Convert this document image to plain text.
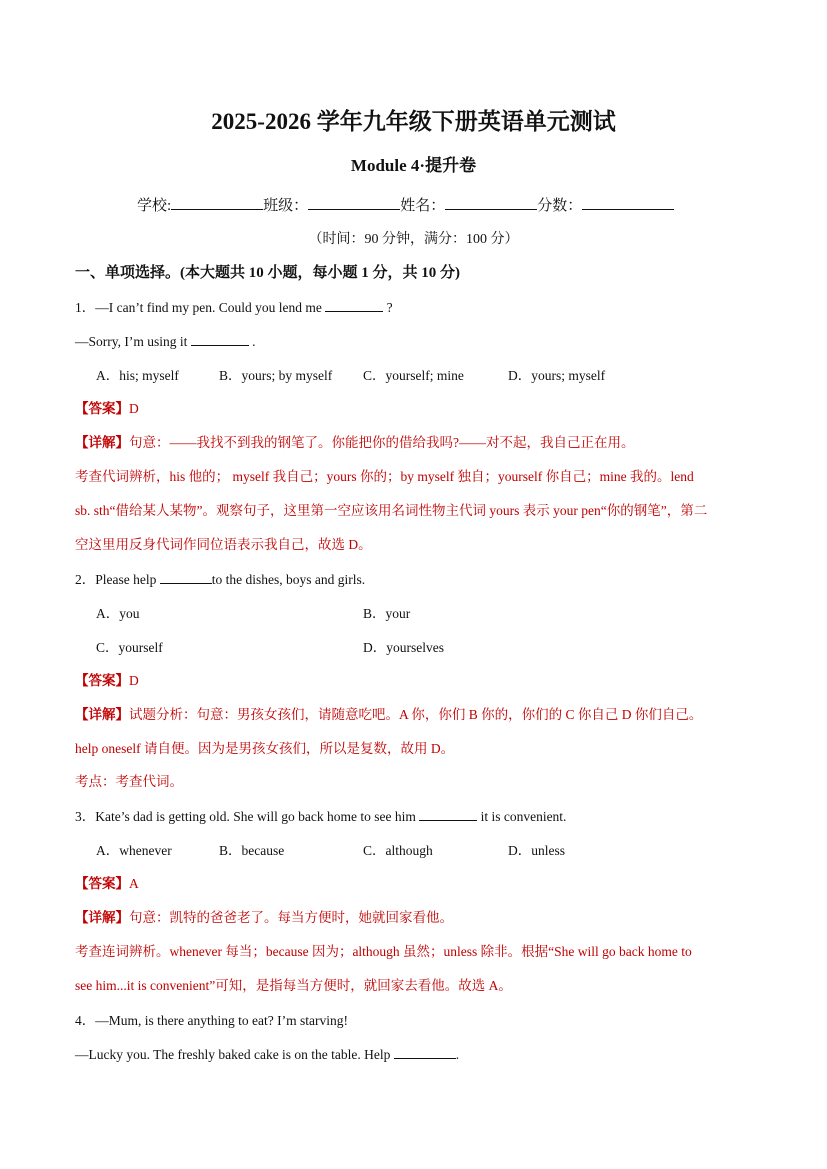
2025-2026 学年九年级下册英语单元测试
Module 4·提升卷
学校:	班级：	姓名：	分数：
（时间：90 分钟，满分：100 分）
一、单项选择。(本大题共 10 小题，每小题 1 分，共 10 分)
1．—I can’t find my pen. Could you lend me	?
—Sorry, I’m using it	.
A．his; myself	B．yours; by myself C．yourself; mine	D．yours; myself
【答案】D
【详解】句意：——我找不到我的钢笔了。你能把你的借给我吗?——对不起，我自己正在用。
考查代词辨析，his 他的； myself 我自己；yours 你的；by myself 独自；yourself 你自己；mine 我的。lend
sb. sth“借给某人某物”。观察句子，这里第一空应该用名词性物主代词 yours 表示 your pen“你的钢笔”，第二
空这里用反身代词作同位语表示我自己，故选 D。
2．Please help	to the dishes, boys and girls.
A．you	B．your
C．yourself	D．yourselves
【答案】D
【详解】试题分析：句意：男孩女孩们，请随意吃吧。A 你，你们 B 你的，你们的 C 你自己 D 你们自己。
help oneself 请自便。因为是男孩女孩们，所以是复数，故用 D。
考点：考查代词。
3．Kate’s dad is getting old. She will go back home to see him	it is convenient.
A．whenever	B．because	C．although	D．unless
【答案】A
【详解】句意：凯特的爸爸老了。每当方便时，她就回家看他。
考查连词辨析。whenever 每当；because 因为；although 虽然；unless 除非。根据“She will go back home to
see him...it is convenient”可知，是指每当方便时，就回家去看他。故选 A。
4．—Mum, is there anything to eat? I’m starving!
—Lucky you. The freshly baked cake is on the table. Help	.
